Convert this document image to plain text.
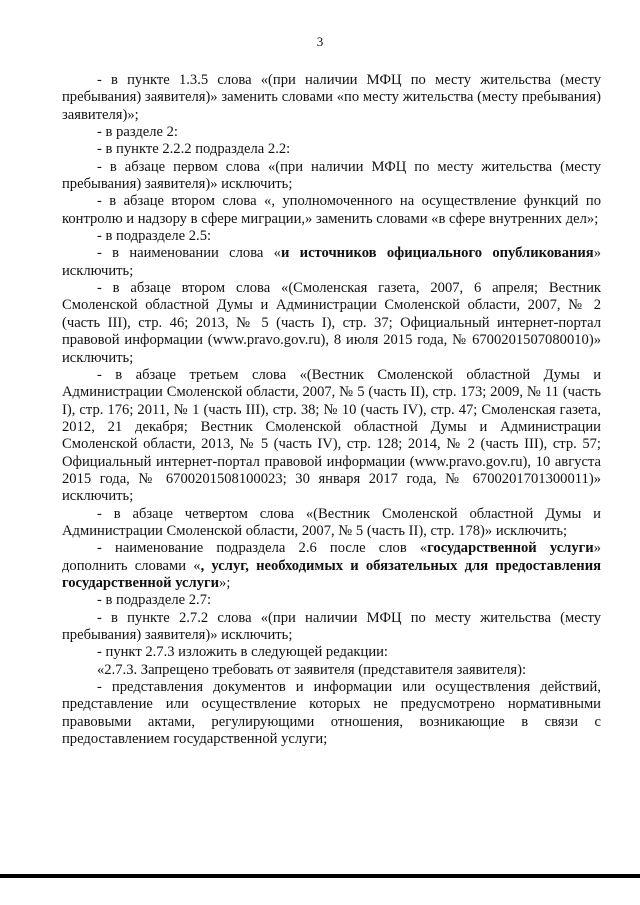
3

- в пункте 1.3.5 слова «(при наличии МФЦ по месту жительства (месту пребывания) заявителя)» заменить словами «по месту жительства (месту пребывания) заявителя)»;

- в разделе 2:

- в пункте 2.2.2 подраздела 2.2:

- в абзаце первом слова «(при наличии МФЦ по месту жительства (месту пребывания) заявителя)» исключить;

- в абзаце втором слова «, уполномоченного на осуществление функций по контролю и надзору в сфере миграции,» заменить словами «в сфере внутренних дел»;

- в подразделе 2.5:

- в наименовании слова «и источников официального опубликования» исключить;

- в абзаце втором слова «(Смоленская газета, 2007, 6 апреля; Вестник Смоленской областной Думы и Администрации Смоленской области, 2007, № 2 (часть III), стр. 46; 2013, № 5 (часть I), стр. 37; Официальный интернет-портал правовой информации (www.pravo.gov.ru), 8 июля 2015 года, № 6700201507080010)» исключить;

- в абзаце третьем слова «(Вестник Смоленской областной Думы и Администрации Смоленской области, 2007, № 5 (часть II), стр. 173; 2009, № 11 (часть I), стр. 176; 2011, № 1 (часть III), стр. 38; № 10 (часть IV), стр. 47; Смоленская газета, 2012, 21 декабря; Вестник Смоленской областной Думы и Администрации Смоленской области, 2013, № 5 (часть IV), стр. 128; 2014, № 2 (часть III), стр. 57; Официальный интернет-портал правовой информации (www.pravo.gov.ru), 10 августа 2015 года, № 6700201508100023; 30 января 2017 года, № 6700201701300011)» исключить;

- в абзаце четвертом слова «(Вестник Смоленской областной Думы и Администрации Смоленской области, 2007, № 5 (часть II), стр. 178)» исключить;

- наименование подраздела 2.6 после слов «государственной услуги» дополнить словами «, услуг, необходимых и обязательных для предоставления государственной услуги»;

- в подразделе 2.7:

- в пункте 2.7.2 слова «(при наличии МФЦ по месту жительства (месту пребывания) заявителя)» исключить;

- пункт 2.7.3 изложить в следующей редакции:

«2.7.3. Запрещено требовать от заявителя (представителя заявителя):

- представления документов и информации или осуществления действий, представление или осуществление которых не предусмотрено нормативными правовыми актами, регулирующими отношения, возникающие в связи с предоставлением государственной услуги;
